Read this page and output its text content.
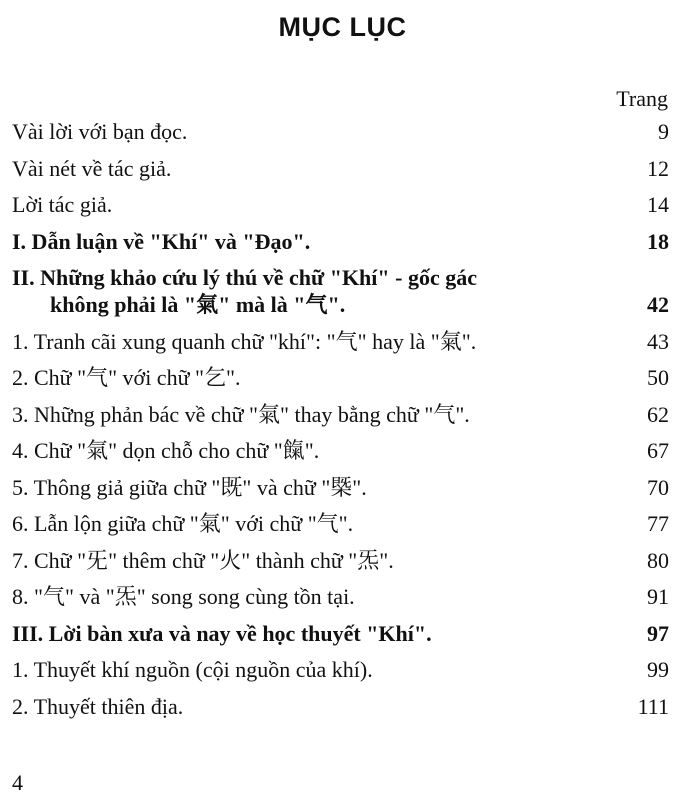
MỤC LỤC
Trang
Vài lời với bạn đọc.	9
Vài nét về tác giả.	12
Lời tác giả.	14
I. Dẫn luận về "Khí" và "Đạo".	18
II. Những khảo cứu lý thú về chữ "Khí" - gốc gác
không phải là "氣" mà là "气".	42
1. Tranh cãi xung quanh chữ "khí": "气" hay là "氣".	43
2. Chữ "气" với chữ "乞".	50
3. Những phản bác về chữ "氣" thay bằng chữ "气".	62
4. Chữ "氣" dọn chỗ cho chữ "餼".	67
5. Thông giả giữa chữ "既" và chữ "槩".	70
6. Lẫn lộn giữa chữ "氣" với chữ "气".	77
7. Chữ "旡" thêm chữ "火" thành chữ "炁".	80
8. "气" và "炁" song song cùng tồn tại.	91
III. Lời bàn xưa và nay về học thuyết "Khí".	97
1. Thuyết khí nguồn (cội nguồn của khí).	99
2. Thuyết thiên địa.	111
4
